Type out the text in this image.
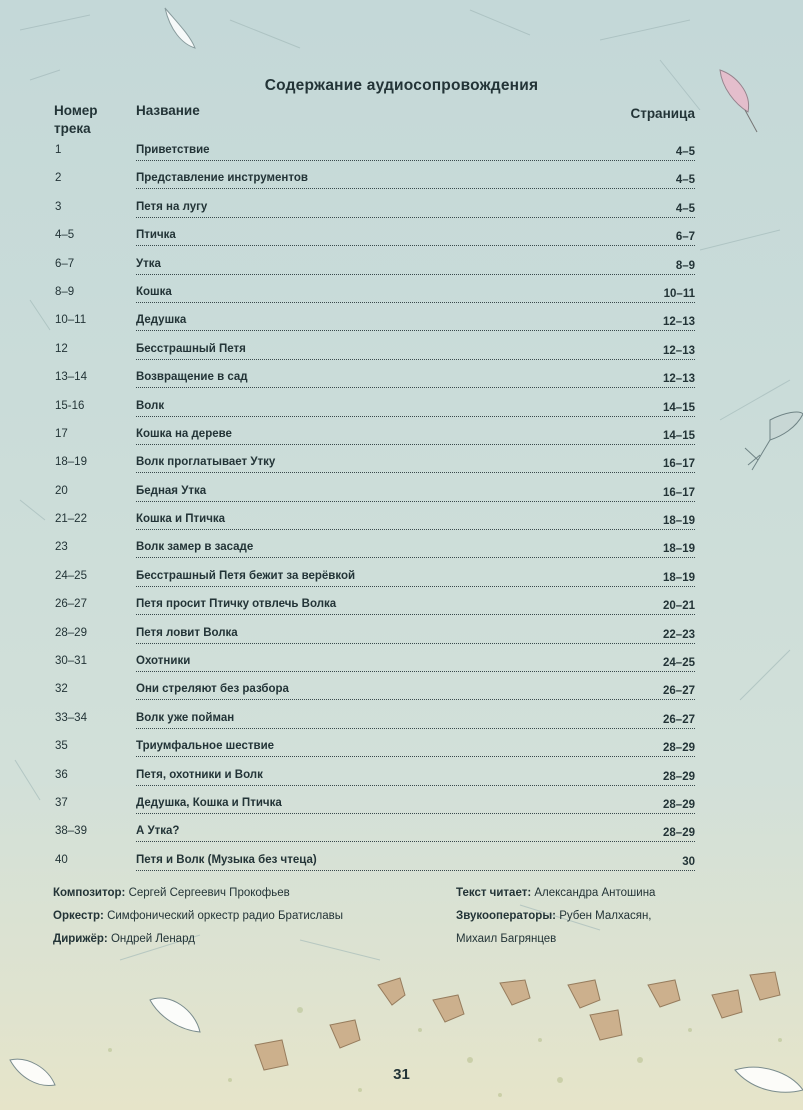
Содержание аудиосопровождения
Номер
трека
Название	Страница
1	Приветствие	4–5
2	Представление инструментов	4–5
3	Петя на лугу	4–5
4–5	Птичка	6–7
6–7	Утка	8–9
8–9	Кошка	10–11
10–11	Дедушка	12–13
12	Бесстрашный Петя	12–13
13–14	Возвращение в сад	12–13
15-16	Волк	14–15
17	Кошка на дереве	14–15
18–19	Волк проглатывает Утку	16–17
20	Бедная Утка	16–17
21–22	Кошка и Птичка	18–19
23	Волк замер в засаде	18–19
24–25	Бесстрашный Петя бежит за верёвкой	18–19
26–27	Петя просит Птичку отвлечь Волка	20–21
28–29	Петя ловит Волка	22–23
30–31	Охотники	24–25
32	Они стреляют без разбора	26–27
33–34	Волк уже пойман	26–27
35	Триумфальное шествие	28–29
36	Петя, охотники и Волк	28–29
37	Дедушка, Кошка и Птичка	28–29
38–39	А Утка?	28–29
40	Петя и Волк (Музыка без чтеца)	30
Композитор: Сергей Сергеевич Прокофьев
Оркестр: Симфонический оркестр радио Братиславы
Дирижёр: Ондрей Ленард
Текст читает: Александра Антошина
Звукооператоры: Рубен Малхасян,
Михаил Багрянцев
31
